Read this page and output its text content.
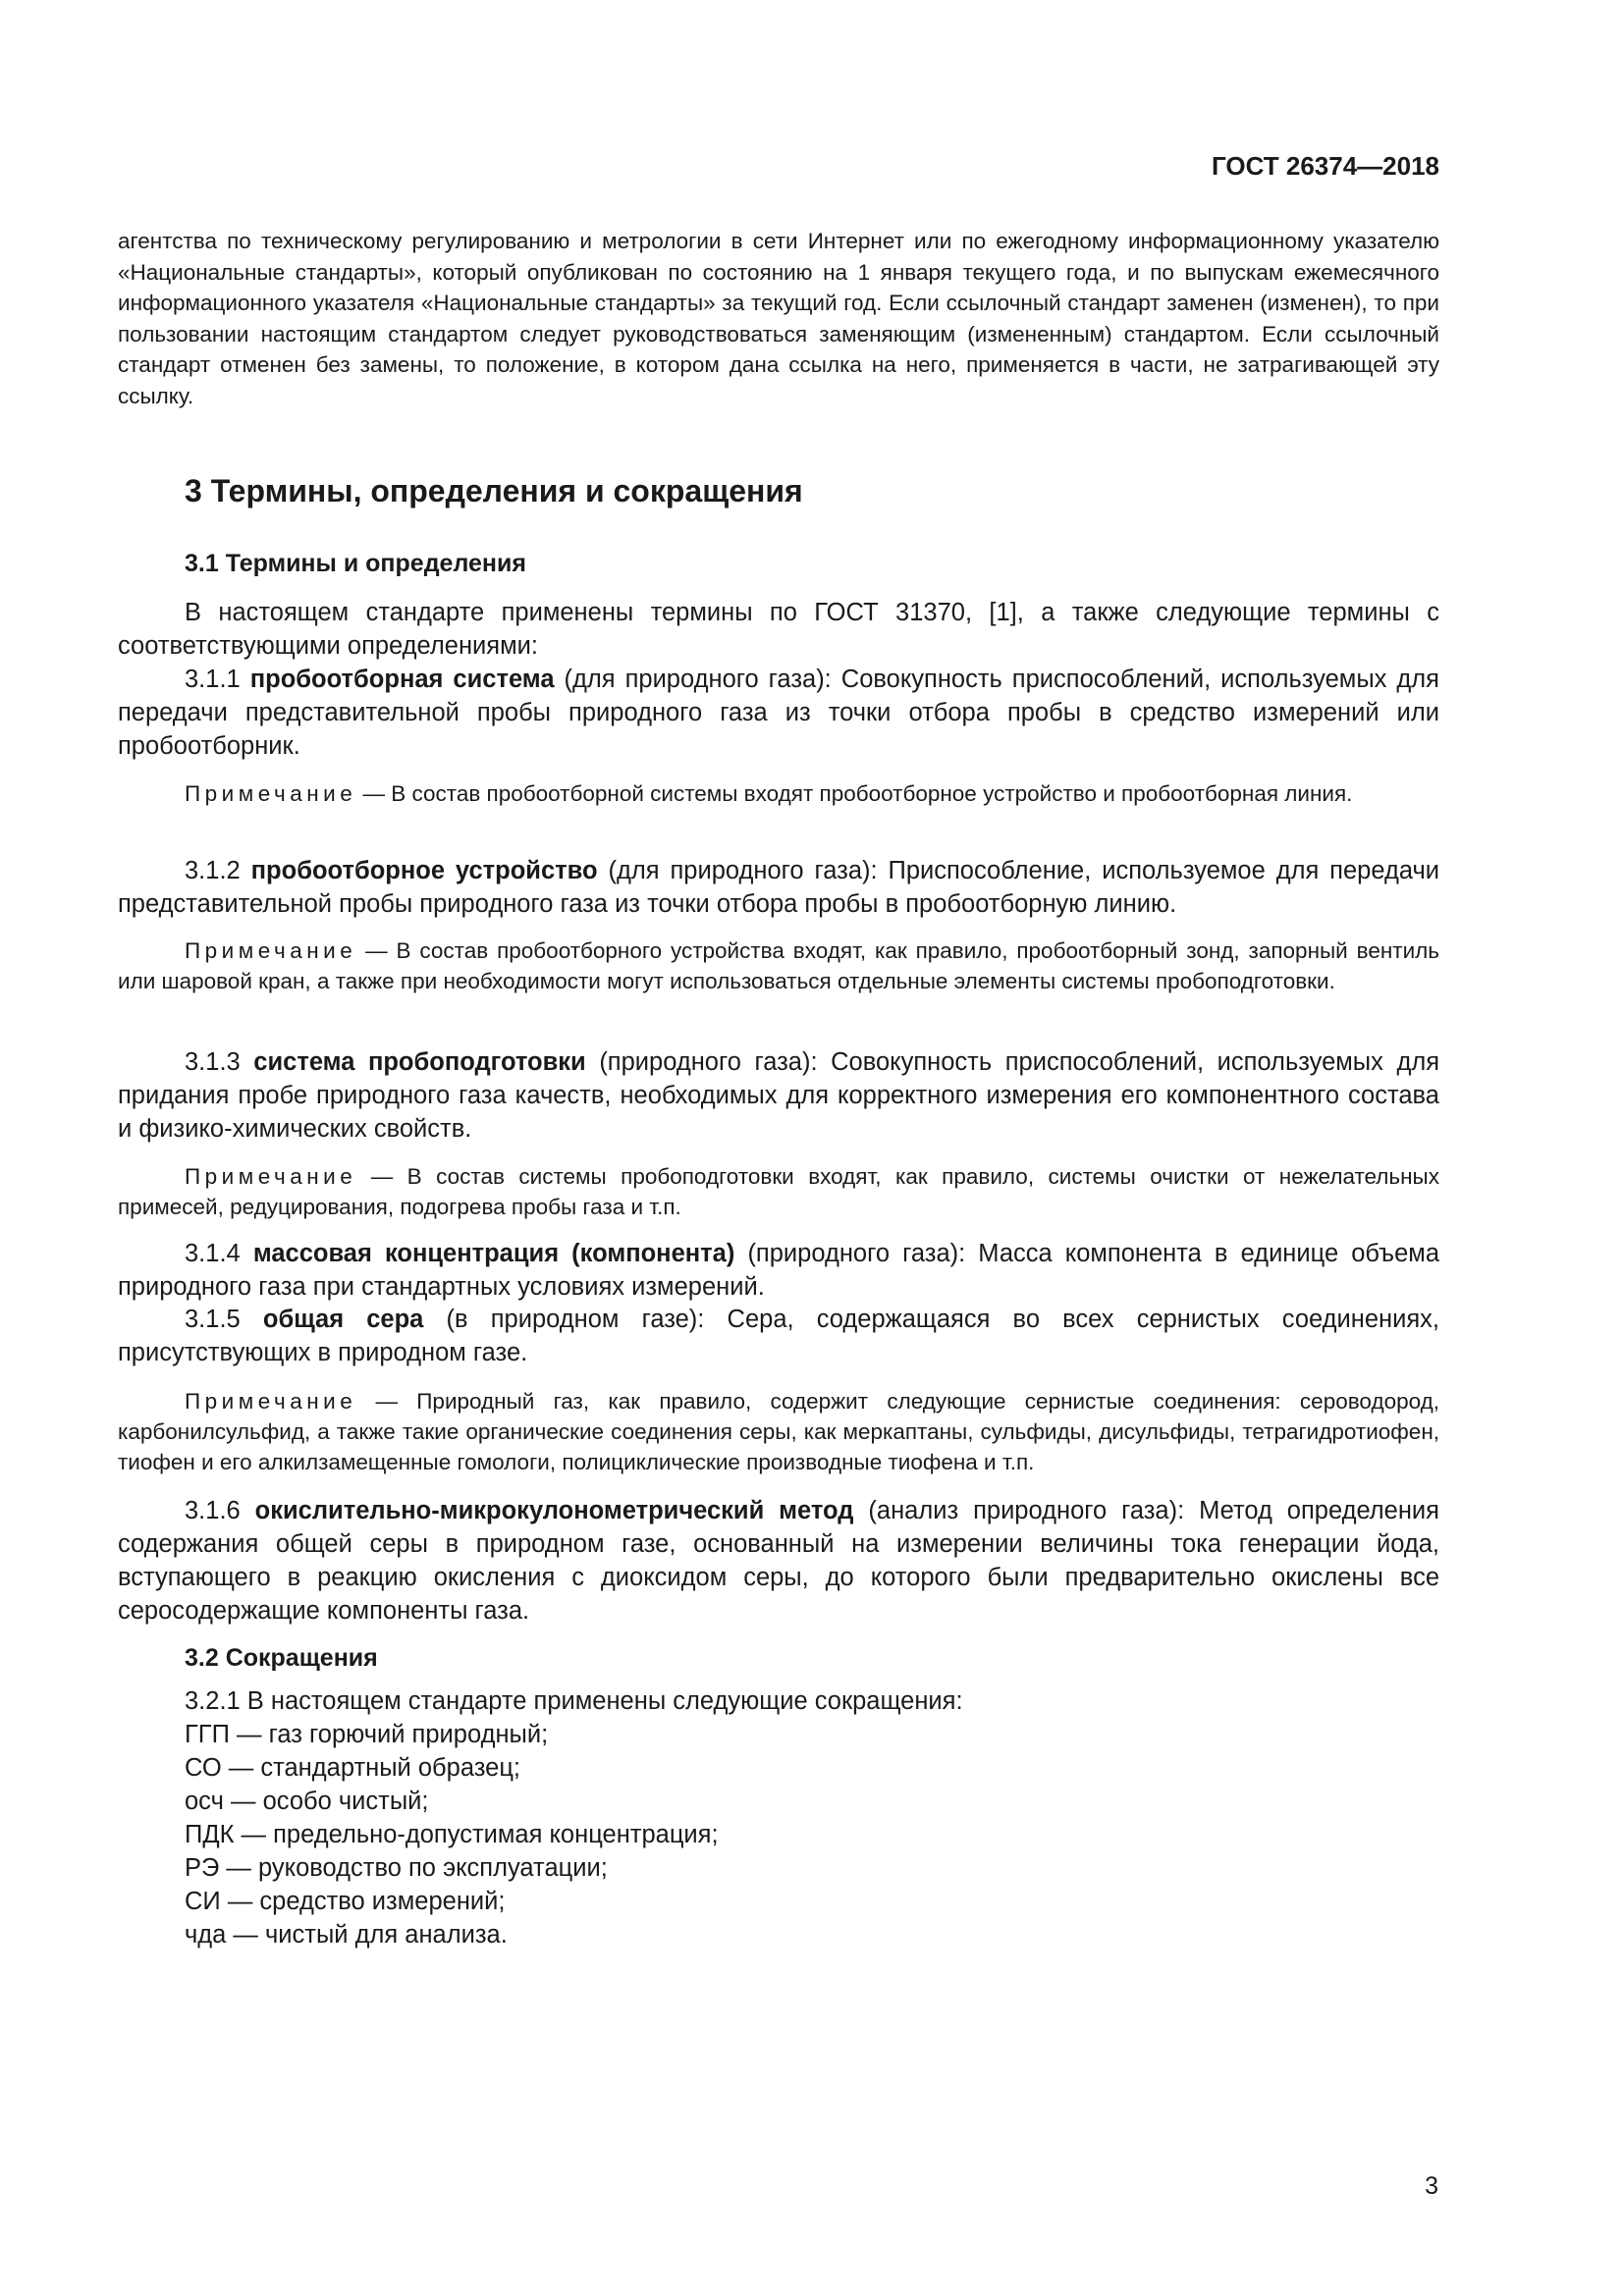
ГОСТ 26374—2018

агентства по техническому регулированию и метрологии в сети Интернет или по ежегодному информационному указателю «Национальные стандарты», который опубликован по состоянию на 1 января текущего года, и по выпускам ежемесячного информационного указателя «Национальные стандарты» за текущий год. Если ссылочный стандарт заменен (изменен), то при пользовании настоящим стандартом следует руководствоваться заменяющим (измененным) стандартом. Если ссылочный стандарт отменен без замены, то положение, в котором дана ссылка на него, применяется в части, не затрагивающей эту ссылку.

3 Термины, определения и сокращения
3.1 Термины и определения

В настоящем стандарте применены термины по ГОСТ 31370, [1], а также следующие термины с соответствующими определениями:

3.1.1 пробоотборная система (для природного газа): Совокупность приспособлений, используемых для передачи представительной пробы природного газа из точки отбора пробы в средство измерений или пробоотборник.

Примечание — В состав пробоотборной системы входят пробоотборное устройство и пробоотборная линия.

3.1.2 пробоотборное устройство (для природного газа): Приспособление, используемое для передачи представительной пробы природного газа из точки отбора пробы в пробоотборную линию.

Примечание — В состав пробоотборного устройства входят, как правило, пробоотборный зонд, запорный вентиль или шаровой кран, а также при необходимости могут использоваться отдельные элементы системы пробоподготовки.

3.1.3 система пробоподготовки (природного газа): Совокупность приспособлений, используемых для придания пробе природного газа качеств, необходимых для корректного измерения его компонентного состава и физико-химических свойств.

Примечание — В состав системы пробоподготовки входят, как правило, системы очистки от нежелательных примесей, редуцирования, подогрева пробы газа и т.п.

3.1.4 массовая концентрация (компонента) (природного газа): Масса компонента в единице объема природного газа при стандартных условиях измерений.

3.1.5 общая сера (в природном газе): Сера, содержащаяся во всех сернистых соединениях, присутствующих в природном газе.

Примечание — Природный газ, как правило, содержит следующие сернистые соединения: сероводород, карбонилсульфид, а также такие органические соединения серы, как меркаптаны, сульфиды, дисульфиды, тетрагидротиофен, тиофен и его алкилзамещенные гомологи, полициклические производные тиофена и т.п.

3.1.6 окислительно-микрокулонометрический метод (анализ природного газа): Метод определения содержания общей серы в природном газе, основанный на измерении величины тока генерации йода, вступающего в реакцию окисления с диоксидом серы, до которого были предварительно окислены все серосодержащие компоненты газа.

3.2 Сокращения
3.2.1 В настоящем стандарте применены следующие сокращения:
ГГП — газ горючий природный;
СО — стандартный образец;
осч — особо чистый;
ПДК — предельно-допустимая концентрация;
РЭ — руководство по эксплуатации;
СИ — средство измерений;
чда — чистый для анализа.
3
